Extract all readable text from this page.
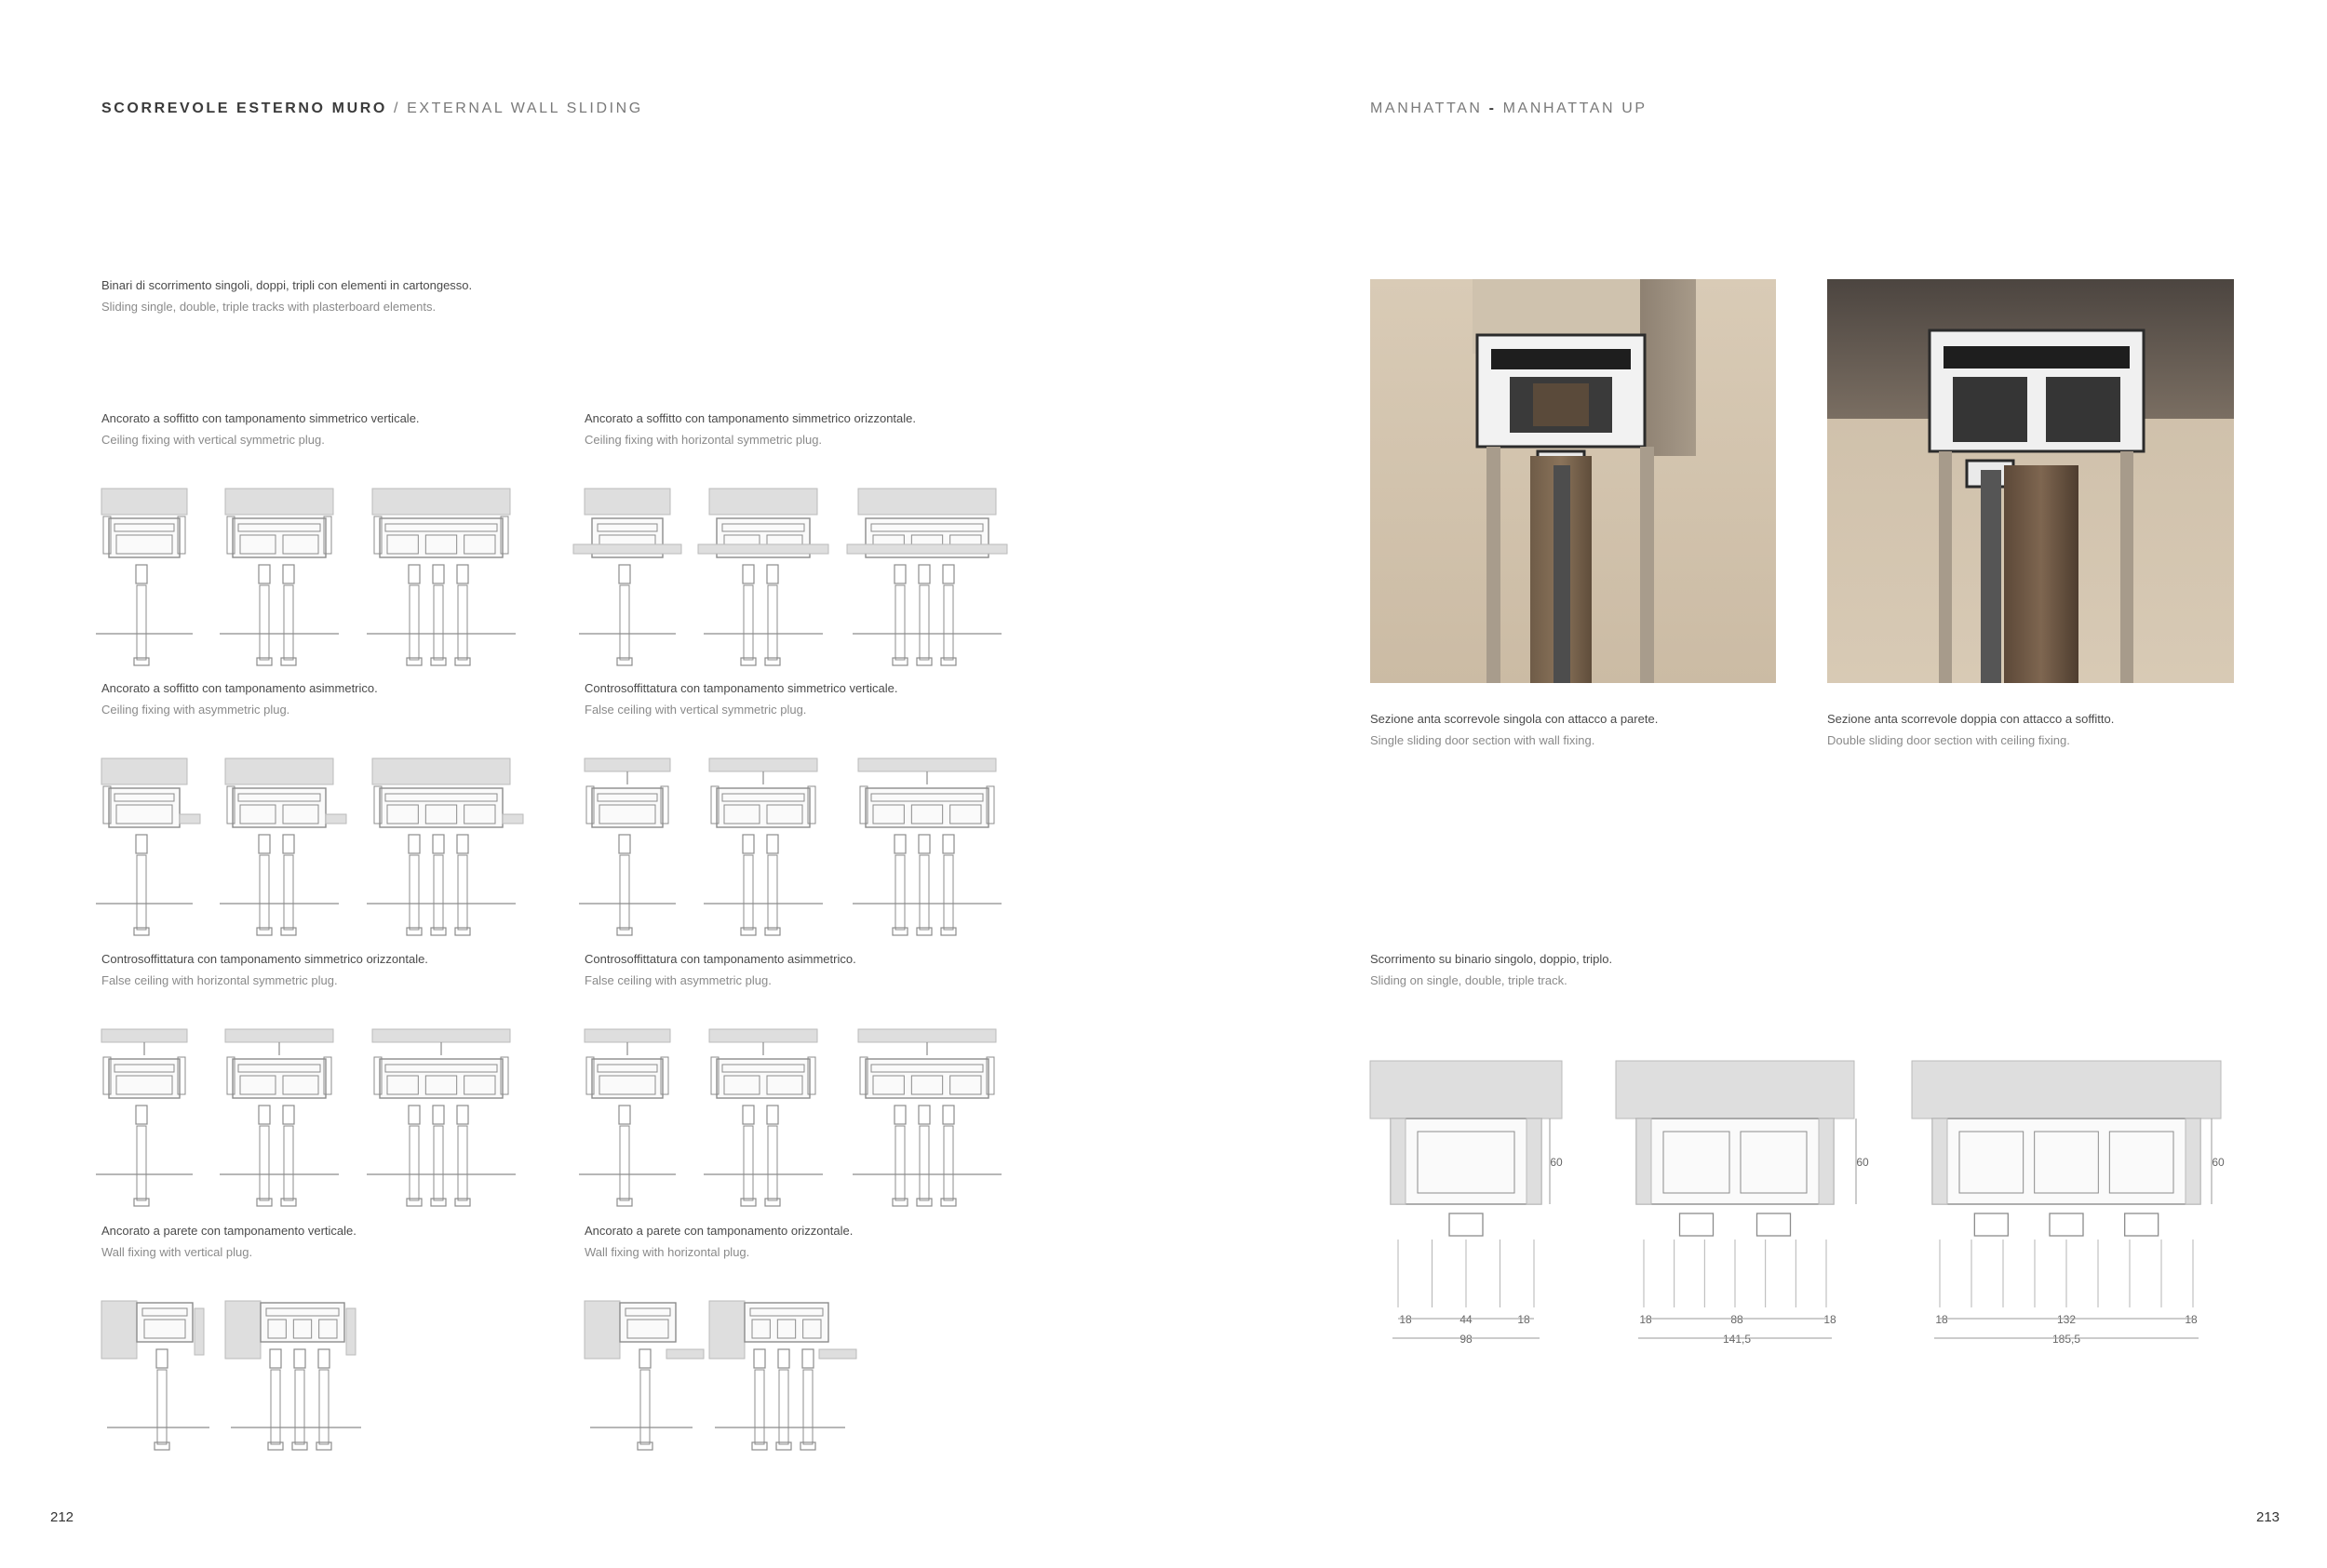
SCORREVOLE ESTERNO MURO / EXTERNAL WALL SLIDING	MANHATTAN - MANHATTAN UP
Binari di scorrimento singoli, doppi, tripli con elementi in cartongesso.
Sliding single, double, triple tracks with plasterboard elements.
Ancorato a soffitto con tamponamento simmetrico verticale.
Ceiling fixing with vertical symmetric plug.
Ancorato a soffitto con tamponamento simmetrico orizzontale.
Ceiling fixing with horizontal symmetric plug.
Ancorato a soffitto con tamponamento asimmetrico.
Ceiling fixing with asymmetric plug.
Controsoffittatura con tamponamento simmetrico verticale.
False ceiling with vertical symmetric plug.
Controsoffittatura con tamponamento simmetrico orizzontale.
False ceiling with horizontal symmetric plug.
Controsoffittatura con tamponamento asimmetrico.
False ceiling with asymmetric plug.
Ancorato a parete con tamponamento verticale.
Wall fixing with vertical plug.
Ancorato a parete con tamponamento orizzontale.
Wall fixing with horizontal plug.
Sezione anta scorrevole singola con attacco a parete.
Single sliding door section with wall fixing.
Sezione anta scorrevole doppia con attacco a soffitto.
Double sliding door section with ceiling fixing.
Scorrimento su binario singolo, doppio, triplo.
Sliding on single, double, triple track.
60
18	44	18
98
60
18	88	18
141,5
60
18	132	18
185,5
212	213
